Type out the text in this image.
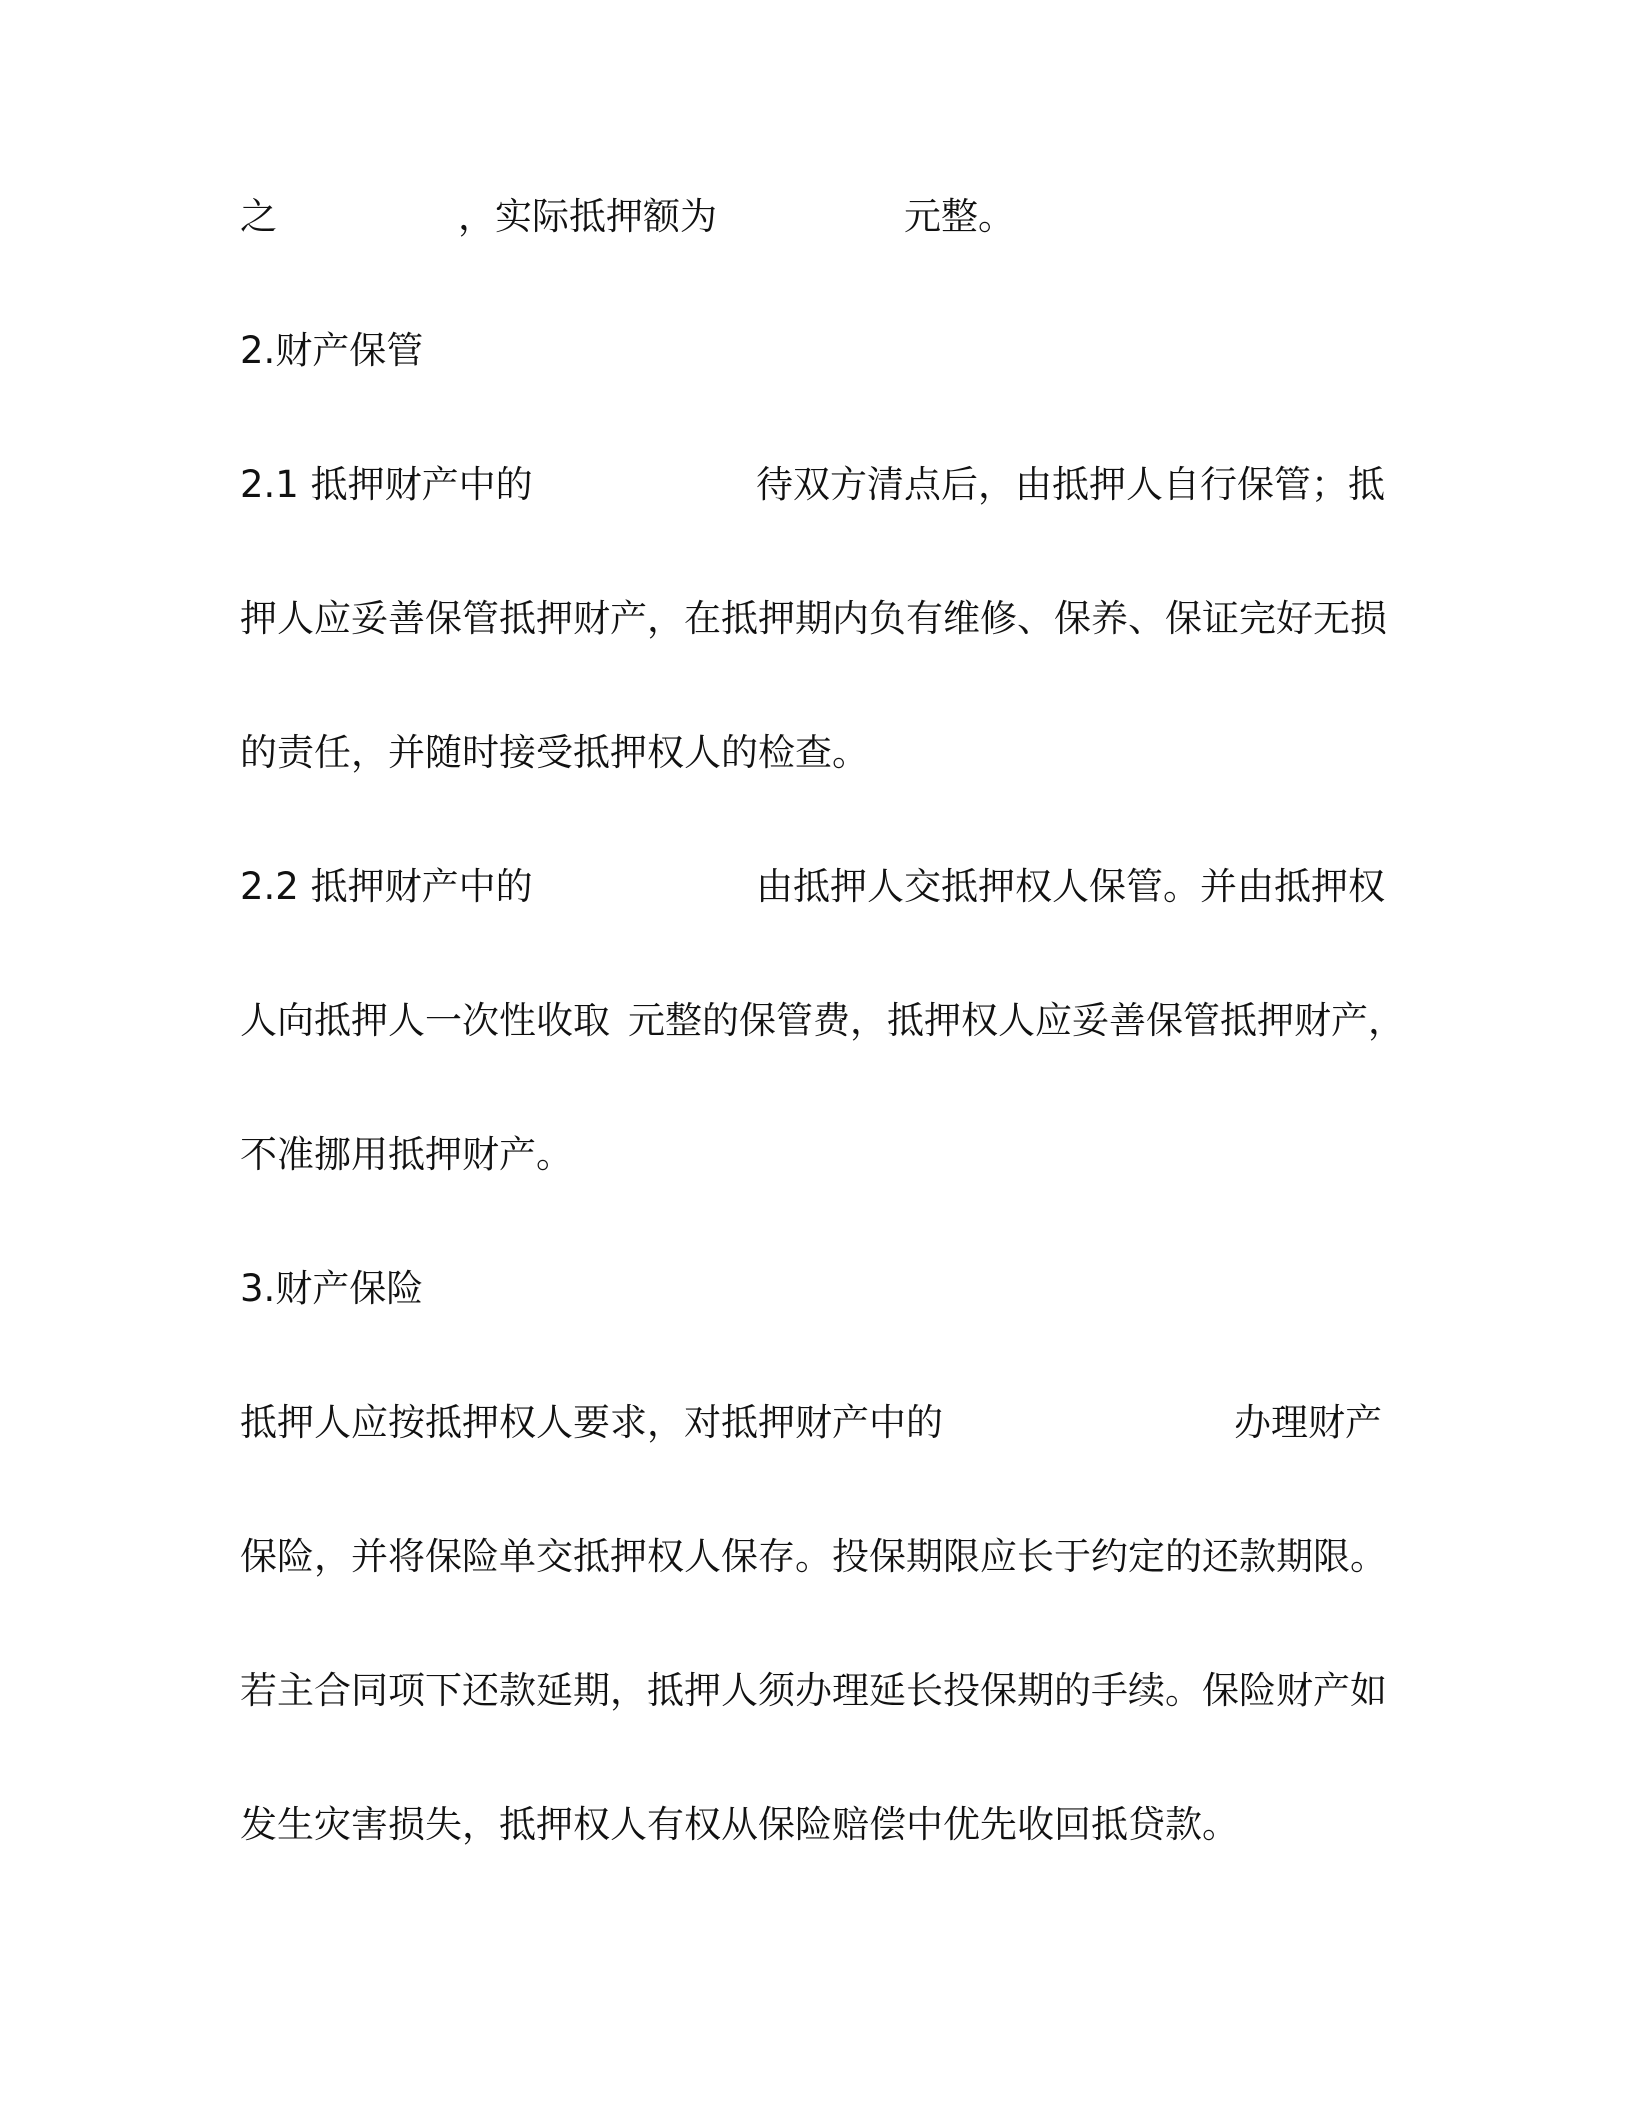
之	，实际抵押额为	元整。
2.财产保管
2.1 抵押财产中的	待双方清点后，由抵押人自行保管；抵
押人应妥善保管抵押财产，在抵押期内负有维修、保养、保证完好无损
的责任，并随时接受抵押权人的检查。
2.2 抵押财产中的	由抵押人交抵押权人保管。并由抵押权
人向抵押人一次性收取 元整的保管费，抵押权人应妥善保管抵押财产，
不准挪用抵押财产。
3.财产保险
抵押人应按抵押权人要求，对抵押财产中的	办理财产
保险，并将保险单交抵押权人保存。投保期限应长于约定的还款期限。
若主合同项下还款延期，抵押人须办理延长投保期的手续。保险财产如
发生灾害损失，抵押权人有权从保险赔偿中优先收回抵贷款。
